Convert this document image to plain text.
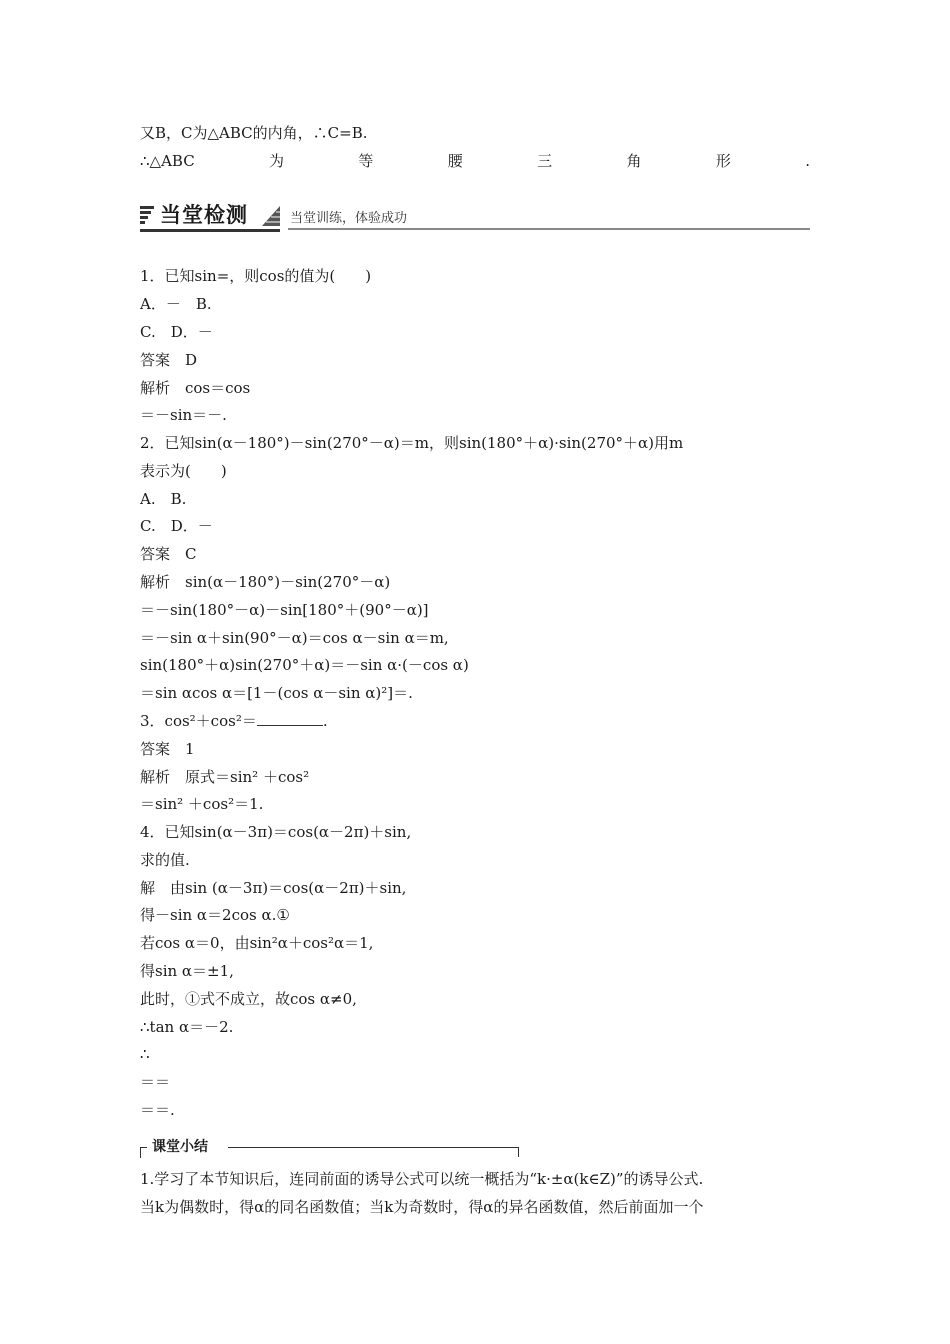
又B，C为△ABC的内角，∴C=B.
∴△ABC	为	等	腰	三	角	形	.
当堂检测	当堂训练，体验成功
1．已知sin=，则cos的值为(　　)
A．－　B.
C.　D．－
答案　D
解析　cos＝cos
＝－sin＝－.
2．已知sin(α－180°)－sin(270°－α)＝m，则sin(180°＋α)·sin(270°＋α)用m
表示为(　　)
A.　B.
C.　D．－
答案　C
解析　sin(α－180°)－sin(270°－α)
＝－sin(180°－α)－sin[180°＋(90°－α)]
＝－sin α＋sin(90°－α)＝cos α－sin α＝m,
sin(180°＋α)sin(270°＋α)＝－sin α·(－cos α)
＝sin αcos α＝[1－(cos α－sin α)²]＝.
3．cos²＋cos²＝	.
答案　1
解析　原式＝sin² ＋cos²
＝sin² ＋cos²＝1.
4．已知sin(α－3π)＝cos(α－2π)＋sin,
求的值.
解　由sin (α－3π)＝cos(α－2π)＋sin,
得－sin α＝2cos α.①
若cos α＝0，由sin²α＋cos²α＝1,
得sin α＝±1,
此时，①式不成立，故cos α≠0,
∴tan α＝－2.
∴
＝＝
＝＝.
课堂小结
1.学习了本节知识后，连同前面的诱导公式可以统一概括为“k·±α(k∈Z)”的诱导公式.
当k为偶数时，得α的同名函数值；当k为奇数时，得α的异名函数值，然后前面加一个
